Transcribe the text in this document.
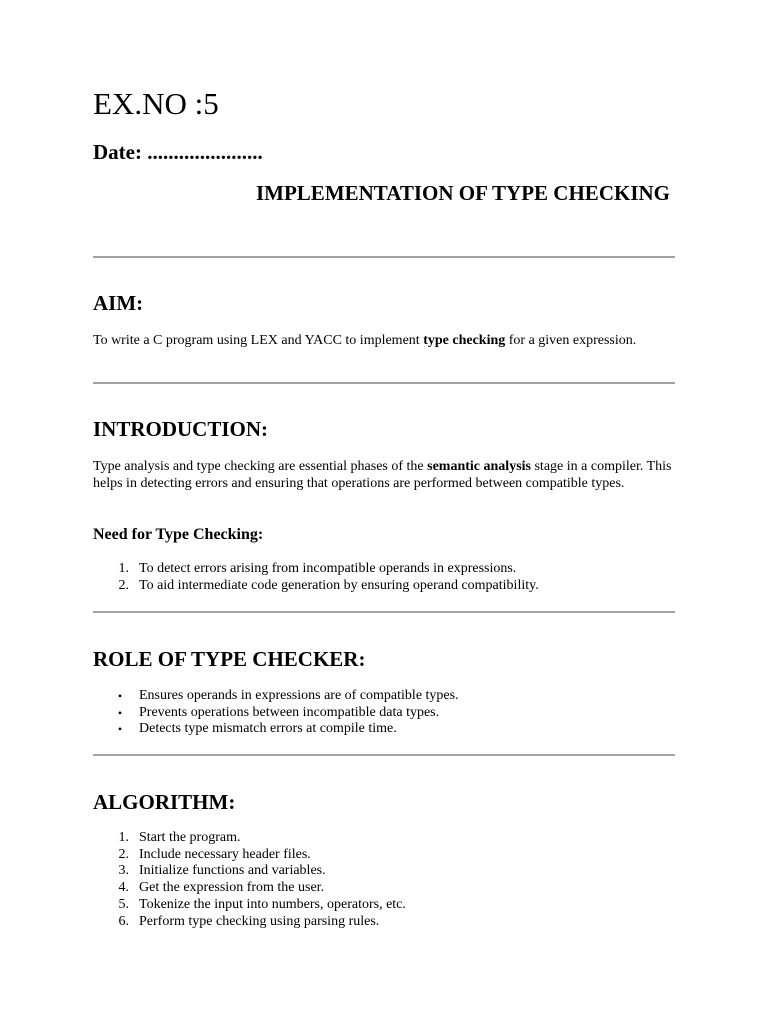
EX.NO :5
Date: ......................
IMPLEMENTATION OF TYPE CHECKING
AIM:

To write a C program using LEX and YACC to implement type checking for a given expression.

INTRODUCTION:

Type analysis and type checking are essential phases of the semantic analysis stage in a compiler. This helps in detecting errors and ensuring that operations are performed between compatible types.

Need for Type Checking:
1. To detect errors arising from incompatible operands in expressions.
2. To aid intermediate code generation by ensuring operand compatibility.
ROLE OF TYPE CHECKER:
• Ensures operands in expressions are of compatible types.
• Prevents operations between incompatible data types.
• Detects type mismatch errors at compile time.
ALGORITHM:
1. Start the program.
2. Include necessary header files.
3. Initialize functions and variables.
4. Get the expression from the user.
5. Tokenize the input into numbers, operators, etc.
6. Perform type checking using parsing rules.
